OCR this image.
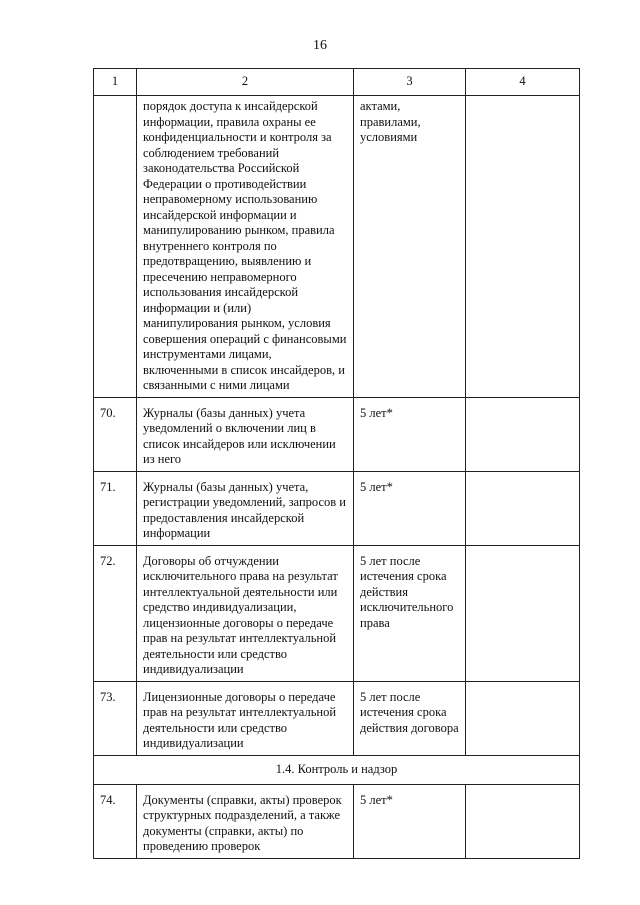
16
1	2	3	4
	порядок доступа к инсайдерской информации, правила охраны ее конфиденциальности и контроля за соблюдением требований законодательства Российской Федерации о противодействии неправомерному использованию инсайдерской информации и манипулированию рынком, правила внутреннего контроля по предотвращению, выявлению и пресечению неправомерного использования инсайдерской информации и (или) манипулирования рынком, условия совершения операций с финансовыми инструментами лицами, включенными в список инсайдеров, и связанными с ними лицами	актами, правилами, условиями	
70.	Журналы (базы данных) учета уведомлений о включении лиц в список инсайдеров или исключении из него	5 лет*	
71.	Журналы (базы данных) учета, регистрации уведомлений, запросов и предоставления инсайдерской информации	5 лет*	
72.	Договоры об отчуждении исключительного права на результат интеллектуальной деятельности или средство индивидуализации, лицензионные договоры о передаче прав на результат интеллектуальной деятельности или средство индивидуализации	5 лет после истечения срока действия исключительного права	
73.	Лицензионные договоры о передаче прав на результат интеллектуальной деятельности или средство индивидуализации	5 лет после истечения срока действия договора	
1.4. Контроль и надзор			
74.	Документы (справки, акты) проверок структурных подразделений, а также документы (справки, акты) по проведению проверок	5 лет*	
